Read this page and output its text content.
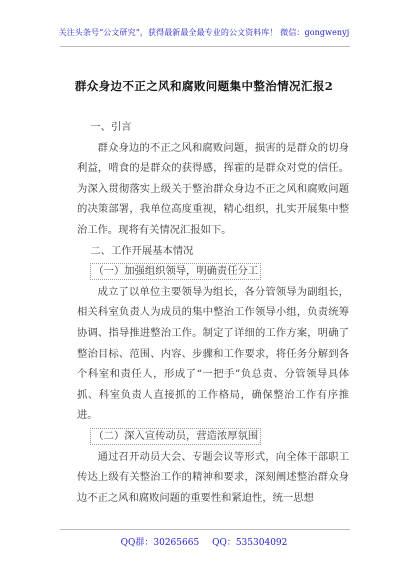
关注头条号“公文研究”，获得最新最全最专业的公文资料库！ 微信：gongwenyj
群众身边不正之风和腐败问题集中整治情况汇报2

一、引言

群众身边的不正之风和腐败问题，损害的是群众的切身利益，啃食的是群众的获得感，挥霍的是群众对党的信任。为深入贯彻落实上级关于整治群众身边不正之风和腐败问题的决策部署，我单位高度重视，精心组织，扎实开展集中整治工作。现将有关情况汇报如下。

二、工作开展基本情况

（一）加强组织领导，明确责任分工

成立了以单位主要领导为组长，各分管领导为副组长，相关科室负责人为成员的集中整治工作领导小组，负责统筹协调、指导推进整治工作。制定了详细的工作方案，明确了整治目标、范围、内容、步骤和工作要求，将任务分解到各个科室和责任人，形成了“一把手”负总责、分管领导具体抓、科室负责人直接抓的工作格局，确保整治工作有序推进。

（二）深入宣传动员，营造浓厚氛围

通过召开动员大会、专题会议等形式，向全体干部职工传达上级有关整治工作的精神和要求，深刻阐述整治群众身边不正之风和腐败问题的重要性和紧迫性，统一思想

QQ群：30265665 QQ：535304092
